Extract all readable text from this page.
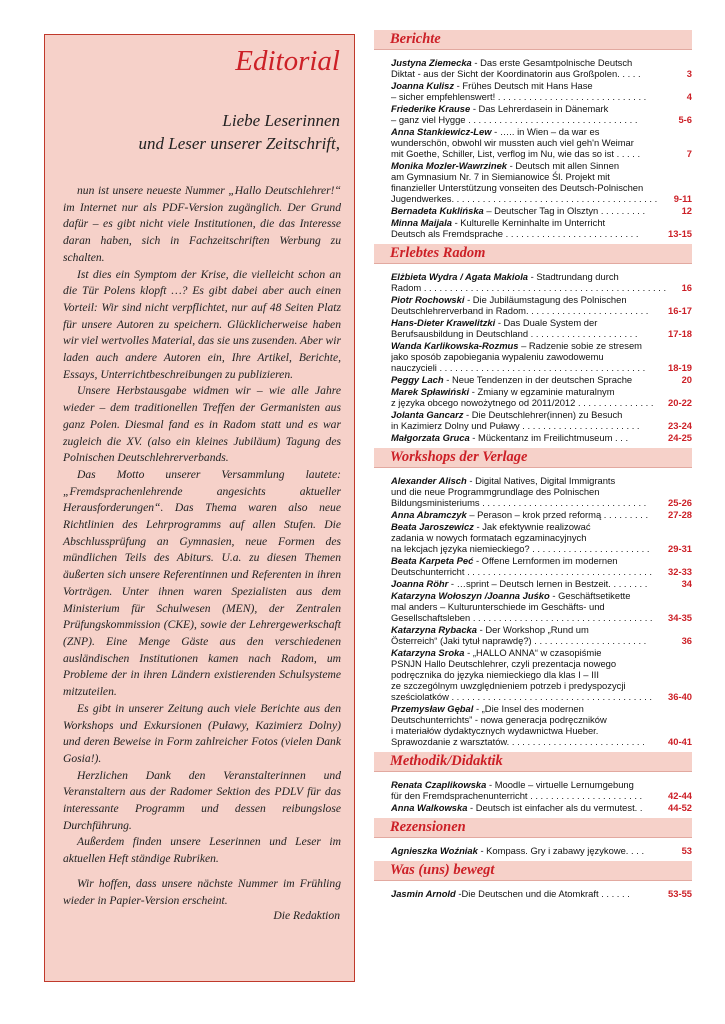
Editorial
Liebe Leserinnen
und Leser unserer Zeitschrift,

nun ist unsere neueste Nummer „Hallo Deutschlehrer!“ im Internet nur als PDF-Version zugänglich. Der Grund dafür – es gibt nicht viele Institutionen, die das Interesse daran haben, sich in Fachzeitschriften Werbung zu schalten.

Ist dies ein Symptom der Krise, die vielleicht schon an die Tür Polens klopft …? Es gibt dabei aber auch einen Vorteil: Wir sind nicht verpflichtet, nur auf 48 Seiten Platz für unsere Autoren zu speichern. Glücklicherweise haben wir viel wertvolles Material, das sie uns zusenden. Aber wir laden auch andere Autoren ein, Ihre Artikel, Berichte, Essays, Unterrichtbeschreibungen zu publizieren.

Unsere Herbstausgabe widmen wir – wie alle Jahre wieder – dem traditionellen Treffen der Germanisten aus ganz Polen. Diesmal fand es in Radom statt und es war zugleich die XV. (also ein kleines Jubiläum) Tagung des Polnischen Deutschlehrerverbands.

Das Motto unserer Versammlung lautete: „Fremdsprachenlehrende angesichts aktueller Herausforderungen“. Das Thema waren also neue Richtlinien des Lehrprogramms auf allen Stufen. Die Abschlussprüfung an Gymnasien, neue Formen des mündlichen Teils des Abiturs. U.a. zu diesen Themen äußerten sich unsere Referentinnen und Referenten in ihren Vorträgen. Unter ihnen waren Spezialisten aus dem Ministerium für Schulwesen (MEN), der Zentralen Prüfungskommission (CKE), sowie der Lehrergewerkschaft (ZNP). Eine Menge Gäste aus den verschiedenen ausländischen Institutionen kamen nach Radom, um Probleme der in ihren Ländern existierenden Schulsysteme mitzuteilen.

Es gibt in unserer Zeitung auch viele Berichte aus den Workshops und Exkursionen (Puławy, Kazimierz Dolny) und deren Beweise in Form zahlreicher Fotos (vielen Dank Gosia!).

Herzlichen Dank den Veranstalterinnen und Veranstaltern aus der Radomer Sektion des PDLV für das interessante Programm und dessen reibungslose Durchführung.

Außerdem finden unsere Leserinnen und Leser im aktuellen Heft ständige Rubriken.

Wir hoffen, dass unsere nächste Nummer im Frühling wieder in Papier-Version erscheint.

Die Redaktion
Berichte
Justyna Ziemecka - Das erste Gesamtpolnische Deutsch
Diktat - aus der Sicht der Koordinatorin aus Großpolen. . . . .	3
Joanna Kulisz - Frühes Deutsch mit Hans Hase
– sicher empfehlenswert! . . . . . . . . . . . . . . . . . . . . . . . . . . . . .	4
Friederike Krause - Das Lehrerdasein in Dänemark
– ganz viel Hygge . . . . . . . . . . . . . . . . . . . . . . . . . . . . . . . . .	5-6
Anna Stankiewicz-Lew - ….. in Wien – da war es
wunderschön, obwohl wir mussten auch viel geh'n Weimar
mit Goethe, Schiller, List, verflog im Nu, wie das so ist . . . . .	7
Monika Mozler-Wawrzinek - Deutsch mit allen Sinnen
am Gymnasium Nr. 7 in Siemianowice Śl. Projekt mit
finanzieller Unterstützung vonseiten des Deutsch-Polnischen
Jugendwerkes. . . . . . . . . . . . . . . . . . . . . . . . . . . . . . . . . . . . . . . .	9-11
Bernadeta Kuklińska – Deutscher Tag in Olsztyn . . . . . . . . .	12
Minna Maijala - Kulturelle Kerninhalte im Unterricht
Deutsch als Fremdsprache . . . . . . . . . . . . . . . . . . . . . . . . . .	13-15
Erlebtes Radom
Elżbieta Wydra / Agata Makiola - Stadtrundang durch
Radom . . . . . . . . . . . . . . . . . . . . . . . . . . . . . . . . . . . . . . . . . . . . . . .	16
Piotr Rochowski - Die Jubiläumstagung des Polnischen
Deutschlehrerverband in Radom. . . . . . . . . . . . . . . . . . . . . . . .	16-17
Hans-Dieter Krawelitzki - Das Duale System der
Berufsausbildung in Deutschland . . . . . . . . . . . . . . . . . . . . .	17-18
Wanda Karlikowska-Rozmus – Radzenie sobie ze stresem
jako sposób zapobiegania wypaleniu zawodowemu
nauczycieli . . . . . . . . . . . . . . . . . . . . . . . . . . . . . . . . . . . . . . . .	18-19
Peggy Lach - Neue Tendenzen in der deutschen Sprache	20
Marek Spławiński - Zmiany w egzaminie maturalnym
z języka obcego nowożytnego od 2011/2012 . . . . . . . . . . . . . . .	20-22
Jolanta Gancarz - Die Deutschlehrer(innen) zu Besuch
in Kazimierz Dolny und Puławy . . . . . . . . . . . . . . . . . . . . . . .	23-24
Małgorzata Gruca - Mückentanz im Freilichtmuseum . . .	24-25
Workshops der Verlage
Alexander Alisch - Digital Natives, Digital Immigrants
und die neue Programmgrundlage des Polnischen
Bildungsministeriums . . . . . . . . . . . . . . . . . . . . . . . . . . . . . . . .	25-26
Anna Abramczyk – Perason – krok przed reformą . . . . . . . . .	27-28
Beata Jaroszewicz - Jak efektywnie realizować
zadania w nowych formatach egzaminacyjnych
na lekcjach języka niemieckiego? . . . . . . . . . . . . . . . . . . . . . . .	29-31
Beata Karpeta Peć - Offene Lernformen im modernen
Deutschunterricht . . . . . . . . . . . . . . . . . . . . . . . . . . . . . . . . . . . .	32-33
Joanna Röhr - …sprint – Deutsch lernen in Bestzeit. . . . . . . .	34
Katarzyna Wołoszyn /Joanna Juśko - Geschäftsetikette
mal anders – Kulturunterschiede im Geschäfts- und
Gesellschaftsleben . . . . . . . . . . . . . . . . . . . . . . . . . . . . . . . . . . .	34-35
Katarzyna Rybacka - Der Workshop „Rund um
Österreich“ (Jaki tytuł naprawdę?) . . . . . . . . . . . . . . . . . . . . . .	36
Katarzyna Sroka - „HALLO ANNA“ w czasopiśmie
PSNJN Hallo Deutschlehrer, czyli prezentacja nowego
podręcznika do języka niemieckiego dla klas I – III
ze szczególnym uwzględnieniem potrzeb i predyspozycji
sześciolatków . . . . . . . . . . . . . . . . . . . . . . . . . . . . . . . . . . . . . . .	36-40
Przemysław Gębal - „Die Insel des modernen
Deutschunterrichts” - nowa generacja podręczników
i materiałów dydaktycznych wydawnictwa Hueber.
Sprawozdanie z warsztatów. . . . . . . . . . . . . . . . . . . . . . . . . . .	40-41
Methodik/Didaktik
Renata Czaplikowska - Moodle – virtuelle Lernumgebung
für den Fremdsprachenunterricht . . . . . . . . . . . . . . . . . . . . . .	42-44
Anna Walkowska - Deutsch ist einfacher als du vermutest. .	44-52
Rezensionen
Agnieszka Woźniak - Kompass. Gry i zabawy językowe. . . .	53
Was (uns) bewegt
Jasmin Arnold -Die Deutschen und die Atomkraft . . . . . .	53-55
